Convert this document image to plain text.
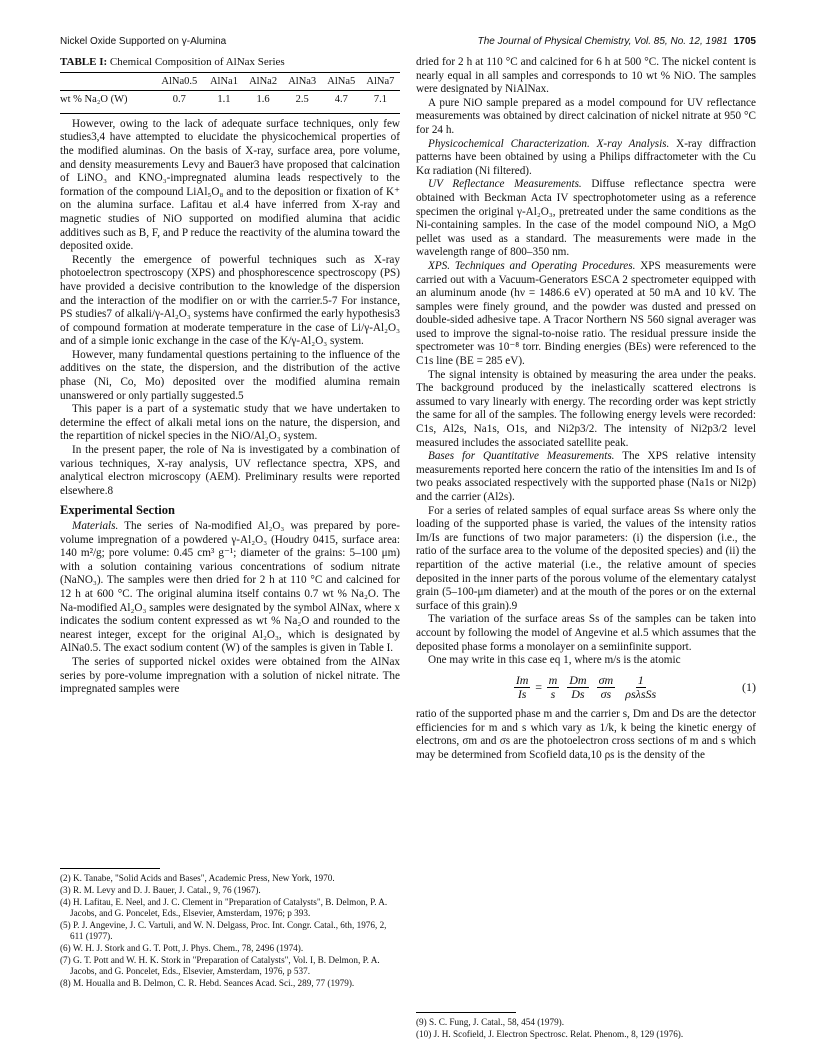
Nickel Oxide Supported on γ-Alumina	The Journal of Physical Chemistry, Vol. 85, No. 12, 1981 1705

TABLE I: Chemical Composition of AlNax Series

	AlNa0.5	AlNa1	AlNa2	AlNa3	AlNa5	AlNa7
wt % Na₂O (W)	0.7	1.1	1.6	2.5	4.7	7.1

However, owing to the lack of adequate surface techniques, only few studies3,4 have attempted to elucidate the physicochemical properties of the modified aluminas. On the basis of X-ray, surface area, pore volume, and density measurements Levy and Bauer3 have proposed that calcination of LiNO₃ and KNO₃-impregnated alumina leads respectively to the formation of the compound LiAl₅O₈ and to the deposition or fixation of K⁺ on the alumina surface. Lafitau et al.4 have inferred from X-ray and magnetic studies of NiO supported on modified alumina that acidic additives such as B, F, and P reduce the reactivity of the alumina toward the deposited oxide.

Recently the emergence of powerful techniques such as X-ray photoelectron spectroscopy (XPS) and phosphorescence spectroscopy (PS) have provided a decisive contribution to the knowledge of the dispersion and the interaction of the modifier on or with the carrier.5-7 For instance, PS studies7 of alkali/γ-Al₂O₃ systems have confirmed the early hypothesis3 of compound formation at moderate temperature in the case of Li/γ-Al₂O₃ and of a simple ionic exchange in the case of the K/γ-Al₂O₃ system.

However, many fundamental questions pertaining to the influence of the additives on the state, the dispersion, and the distribution of the active phase (Ni, Co, Mo) deposited over the modified alumina remain unanswered or only partially suggested.5

This paper is a part of a systematic study that we have undertaken to determine the effect of alkali metal ions on the nature, the dispersion, and the repartition of nickel species in the NiO/Al₂O₃ system.

In the present paper, the role of Na is investigated by a combination of various techniques, X-ray analysis, UV reflectance spectra, XPS, and analytical electron microscopy (AEM). Preliminary results were reported elsewhere.8

Experimental Section

Materials. The series of Na-modified Al₂O₃ was prepared by pore-volume impregnation of a powdered γ-Al₂O₃ (Houdry 0415, surface area: 140 m²/g; pore volume: 0.45 cm³ g⁻¹; diameter of the grains: 5–100 μm) with a solution containing various concentrations of sodium nitrate (NaNO₃). The samples were then dried for 2 h at 110 °C and calcined for 12 h at 600 °C. The original alumina itself contains 0.7 wt % Na₂O. The Na-modified Al₂O₃ samples were designated by the symbol AlNax, where x indicates the sodium content expressed as wt % Na₂O and rounded to the nearest integer, except for the original Al₂O₃, which is designated by AlNa0.5. The exact sodium content (W) of the samples is given in Table I.

The series of supported nickel oxides were obtained from the AlNax series by pore-volume impregnation with a solution of nickel nitrate. The impregnated samples were

(2) K. Tanabe, "Solid Acids and Bases", Academic Press, New York, 1970.

(3) R. M. Levy and D. J. Bauer, J. Catal., 9, 76 (1967).

(4) H. Lafitau, E. Neel, and J. C. Clement in "Preparation of Catalysts", B. Delmon, P. A. Jacobs, and G. Poncelet, Eds., Elsevier, Amsterdam, 1976; p 393.

(5) P. J. Angevine, J. C. Vartuli, and W. N. Delgass, Proc. Int. Congr. Catal., 6th, 1976, 2, 611 (1977).

(6) W. H. J. Stork and G. T. Pott, J. Phys. Chem., 78, 2496 (1974).

(7) G. T. Pott and W. H. K. Stork in "Preparation of Catalysts", Vol. I, B. Delmon, P. A. Jacobs, and G. Poncelet, Eds., Elsevier, Amsterdam, 1976, p 537.

(8) M. Houalla and B. Delmon, C. R. Hebd. Seances Acad. Sci., 289, 77 (1979).

dried for 2 h at 110 °C and calcined for 6 h at 500 °C. The nickel content is nearly equal in all samples and corresponds to 10 wt % NiO. The samples were designated by NiAlNax.

A pure NiO sample prepared as a model compound for UV reflectance measurements was obtained by direct calcination of nickel nitrate at 950 °C for 24 h.

Physicochemical Characterization. X-ray Analysis. X-ray diffraction patterns have been obtained by using a Philips diffractometer with the Cu Kα radiation (Ni filtered).

UV Reflectance Measurements. Diffuse reflectance spectra were obtained with Beckman Acta IV spectrophotometer using as a reference specimen the original γ-Al₂O₃, pretreated under the same conditions as the Ni-containing samples. In the case of the model compound NiO, a MgO pellet was used as a standard. The measurements were made in the wavelength range of 800–350 nm.

XPS. Techniques and Operating Procedures. XPS measurements were carried out with a Vacuum-Generators ESCA 2 spectrometer equipped with an aluminum anode (hν = 1486.6 eV) operated at 50 mA and 10 kV. The samples were finely ground, and the powder was dusted and pressed on double-sided adhesive tape. A Tracor Northern NS 560 signal averager was used to improve the signal-to-noise ratio. The residual pressure inside the spectrometer was 10⁻⁸ torr. Binding energies (BEs) were referenced to the C1s line (BE = 285 eV).

The signal intensity is obtained by measuring the area under the peaks. The background produced by the inelastically scattered electrons is assumed to vary linearly with energy. The recording order was kept strictly the same for all of the samples. The following energy levels were recorded: C1s, Al2s, Na1s, O1s, and Ni2p3/2. The intensity of Ni2p3/2 level measured includes the associated satellite peak.

Bases for Quantitative Measurements. The XPS relative intensity measurements reported here concern the ratio of the intensities Im and Is of two peaks associated respectively with the supported phase (Na1s or Ni2p) and the carrier (Al2s).

For a series of related samples of equal surface areas Ss where only the loading of the supported phase is varied, the values of the intensity ratios Im/Is are functions of two major parameters: (i) the dispersion (i.e., the ratio of the surface area to the volume of the deposited species) and (ii) the repartition of the active material (i.e., the relative amount of species deposited in the inner parts of the porous volume of the elementary catalyst grain (5–100-μm diameter) and at the mouth of the pores or on the external surface of this grain).9

The variation of the surface areas Ss of the samples can be taken into account by following the model of Angevine et al.5 which assumes that the deposited phase forms a monolayer on a semiinfinite support.

One may write in this case eq 1, where m/s is the atomic

$\frac{Im}{Is} = \frac{m}{s} \frac{Dm}{Ds} \frac{\sigma m}{\sigma s} \frac{1}{\text{ρsλsSs}}$	(1)

ratio of the supported phase m and the carrier s, Dm and Ds are the detector efficiencies for m and s which vary as 1/k, k being the kinetic energy of electrons, σm and σs are the photoelectron cross sections of m and s which may be determined from Scofield data,10 ρs is the density of the

(9) S. C. Fung, J. Catal., 58, 454 (1979).

(10) J. H. Scofield, J. Electron Spectrosc. Relat. Phenom., 8, 129 (1976).
